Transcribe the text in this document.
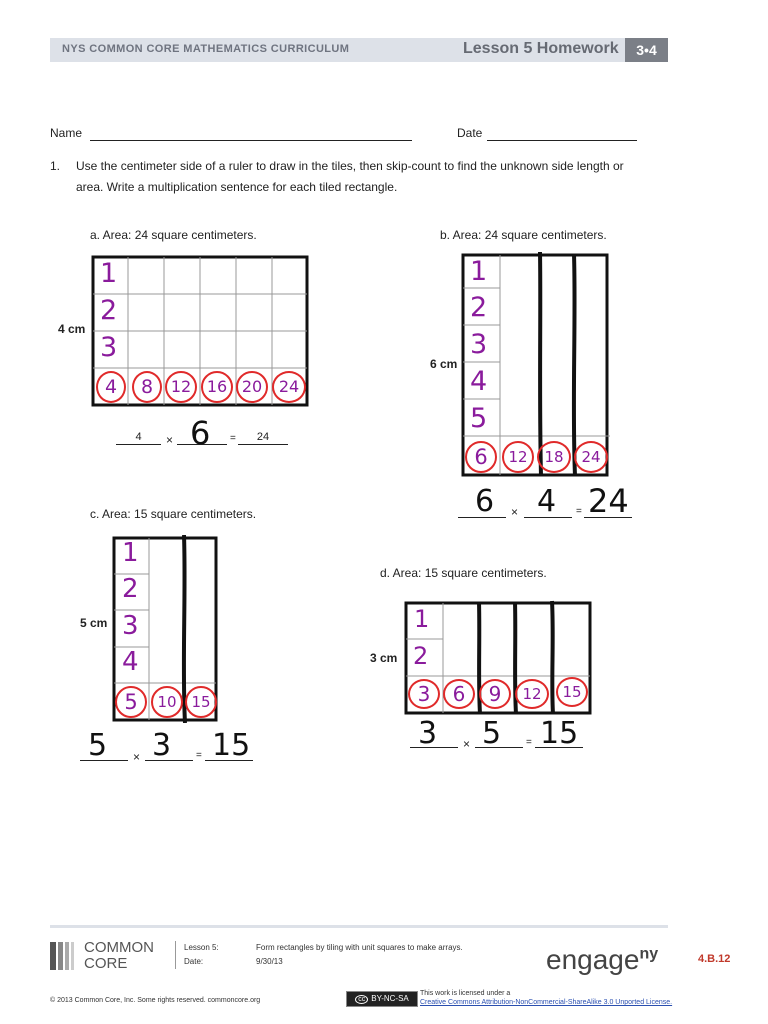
NYS COMMON CORE MATHEMATICS CURRICULUM	Lesson 5 Homework	3•4
Name	Date
1. Use the centimeter side of a ruler to draw in the tiles, then skip-count to find the unknown side length or
area. Write a multiplication sentence for each tiled rectangle.
a. Area: 24 square centimeters.	b. Area: 24 square centimeters.
c. Area: 15 square centimeters.
d. Area: 15 square centimeters.
4 cm
6 cm
5 cm
3 cm
1
2
3
4	8	12 16 20	24
4	× 6 =	24
1
2
3
4
5
6	12	18	24
6 × 4 = 24
1
2
3
4
5	10 15
5 × 3 = 15
1
2
3	6	9	12	15
3 × 5 = 15
COMMON
CORE
Lesson 5:
Date:
Form rectangles by tiling with unit squares to make arrays.
9/30/13	engage$^{ny}$	4.B.12
© 2013 Common Core, Inc. Some rights reserved. commoncore.org	cc BY-NC-SA
This work is licensed under a
Creative Commons Attribution-NonCommercial-ShareAlike 3.0 Unported License.
